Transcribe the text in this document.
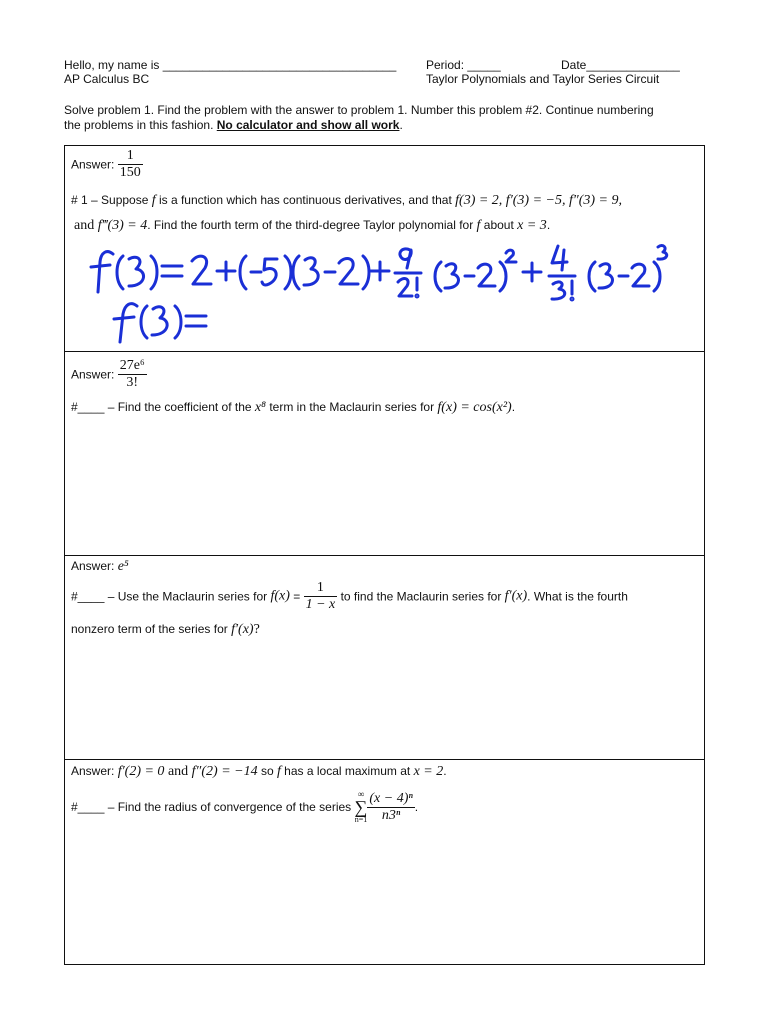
Hello, my name is ___________________________________ Period: _____	Date______________
AP Calculus BC	Taylor Polynomials and Taylor Series Circuit
Solve problem 1. Find the problem with the answer to problem 1. Number this problem #2. Continue numbering
the problems in this fashion. No calculator and show all work.
Answer: $\frac{1}{150}$
# 1 – Suppose f is a function which has continuous derivatives, and that f(3) = 2, f′(3) = −5, f″(3) = 9,
and f‴(3) = 4. Find the fourth term of the third-degree Taylor polynomial for f about x = 3.
Answer: $\frac{\text{27e⁶}}{3!}$
#____ – Find the coefficient of the x⁸ term in the Maclaurin series for f(x) = cos(x²).
Answer: e⁵
#____ – Use the Maclaurin series for $f(x) = \frac{1}{1 - x}$ to find the Maclaurin series for f′(x). What is the fourth
nonzero term of the series for f′(x)?
Answer: f′(2) = 0 and f″(2) = −14 so f has a local maximum at x = 2.
#____ – Find the radius of convergence of the series
∞
∑
$n=1 \frac{\text{(x − 4)ⁿ}}{\text{n3ⁿ}}$ .
